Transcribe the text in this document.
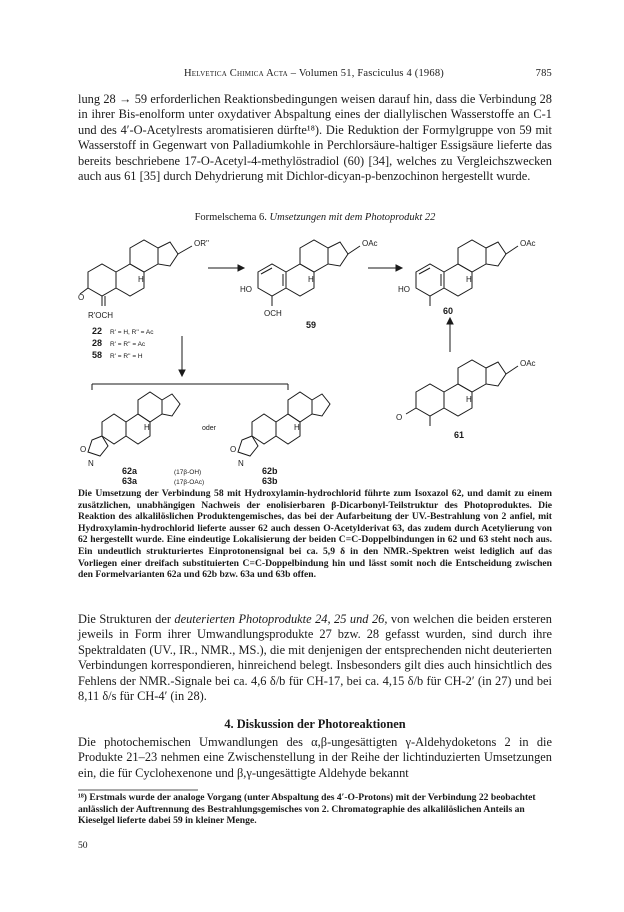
Helvetica Chimica Acta – Volumen 51, Fasciculus 4 (1968)	785
lung 28 → 59 erforderlichen Reaktionsbedingungen weisen darauf hin, dass die Verbindung 28 in ihrer Bis-enolform unter oxydativer Abspaltung eines der diallylischen Wasserstoffe an C-1 und des 4′-O-Acetylrests aromatisieren dürfte¹⁸). Die Reduktion der Formylgruppe von 59 mit Wasserstoff in Gegenwart von Palladiumkohle in Perchlorsäure-haltiger Essigsäure lieferte das bereits beschriebene 17-O-Acetyl-4-methylöstradiol (60) [34], welches zu Vergleichszwecken auch aus 61 [35] durch Dehydrierung mit Dichlor-dicyan-p-benzochinon hergestellt wurde.
Formelschema 6. Umsetzungen mit dem Photoprodukt 22
OR''
R'OCH
O
H
OAc
HO
OCH
H
OAc
HO
H
OAc
O
H
O
N
H	oder
O
N
H
22
28
58
59
60
61
62a
63a
62b
63b
R' = H, R'' = Ac
R' = R'' = Ac
R' = R'' = H
(17β-OH)
(17β-OAc)
Die Umsetzung der Verbindung 58 mit Hydroxylamin-hydrochlorid führte zum Isoxazol 62, und damit zu einem zusätzlichen, unabhängigen Nachweis der enolisierbaren β-Dicarbonyl-Teilstruktur des Photoproduktes. Die Reaktion des alkalilöslichen Produktengemisches, das bei der Aufarbeitung der UV.-Bestrahlung von 2 anfiel, mit Hydroxylamin-hydrochlorid lieferte ausser 62 auch dessen O-Acetylderivat 63, das zudem durch Acetylierung von 62 hergestellt wurde. Eine eindeutige Lokalisierung der beiden C=C-Doppelbindungen in 62 und 63 steht noch aus. Ein undeutlich strukturiertes Einprotonensignal bei ca. 5,9 δ in den NMR.-Spektren weist lediglich auf das Vorliegen einer dreifach substituierten C=C-Doppelbindung hin und lässt somit noch die Entscheidung zwischen den Formelvarianten 62a und 62b bzw. 63a und 63b offen.
Die Strukturen der deuterierten Photoprodukte 24, 25 und 26, von welchen die beiden ersteren jeweils in Form ihrer Umwandlungsprodukte 27 bzw. 28 gefasst wurden, sind durch ihre Spektraldaten (UV., IR., NMR., MS.), die mit denjenigen der entsprechenden nicht deuterierten Verbindungen korrespondieren, hinreichend belegt. Insbesonders gilt dies auch hinsichtlich des Fehlens der NMR.-Signale bei ca. 4,6 δ/b für CH-17, bei ca. 4,15 δ/b für CH-2′ (in 27) und bei 8,11 δ/s für CH-4′ (in 28).
4. Diskussion der Photoreaktionen
Die photochemischen Umwandlungen des α,β-ungesättigten γ-Aldehydoketons 2 in die Produkte 21–23 nehmen eine Zwischenstellung in der Reihe der lichtinduzierten Umsetzungen ein, die für Cyclohexenone und β,γ-ungesättigte Aldehyde bekannt
¹⁸) Erstmals wurde der analoge Vorgang (unter Abspaltung des 4′-O-Protons) mit der Verbindung 22 beobachtet anlässlich der Auftrennung des Bestrahlungsgemisches von 2. Chromatographie des alkalilöslichen Anteils an Kieselgel lieferte dabei 59 in kleiner Menge.
50
